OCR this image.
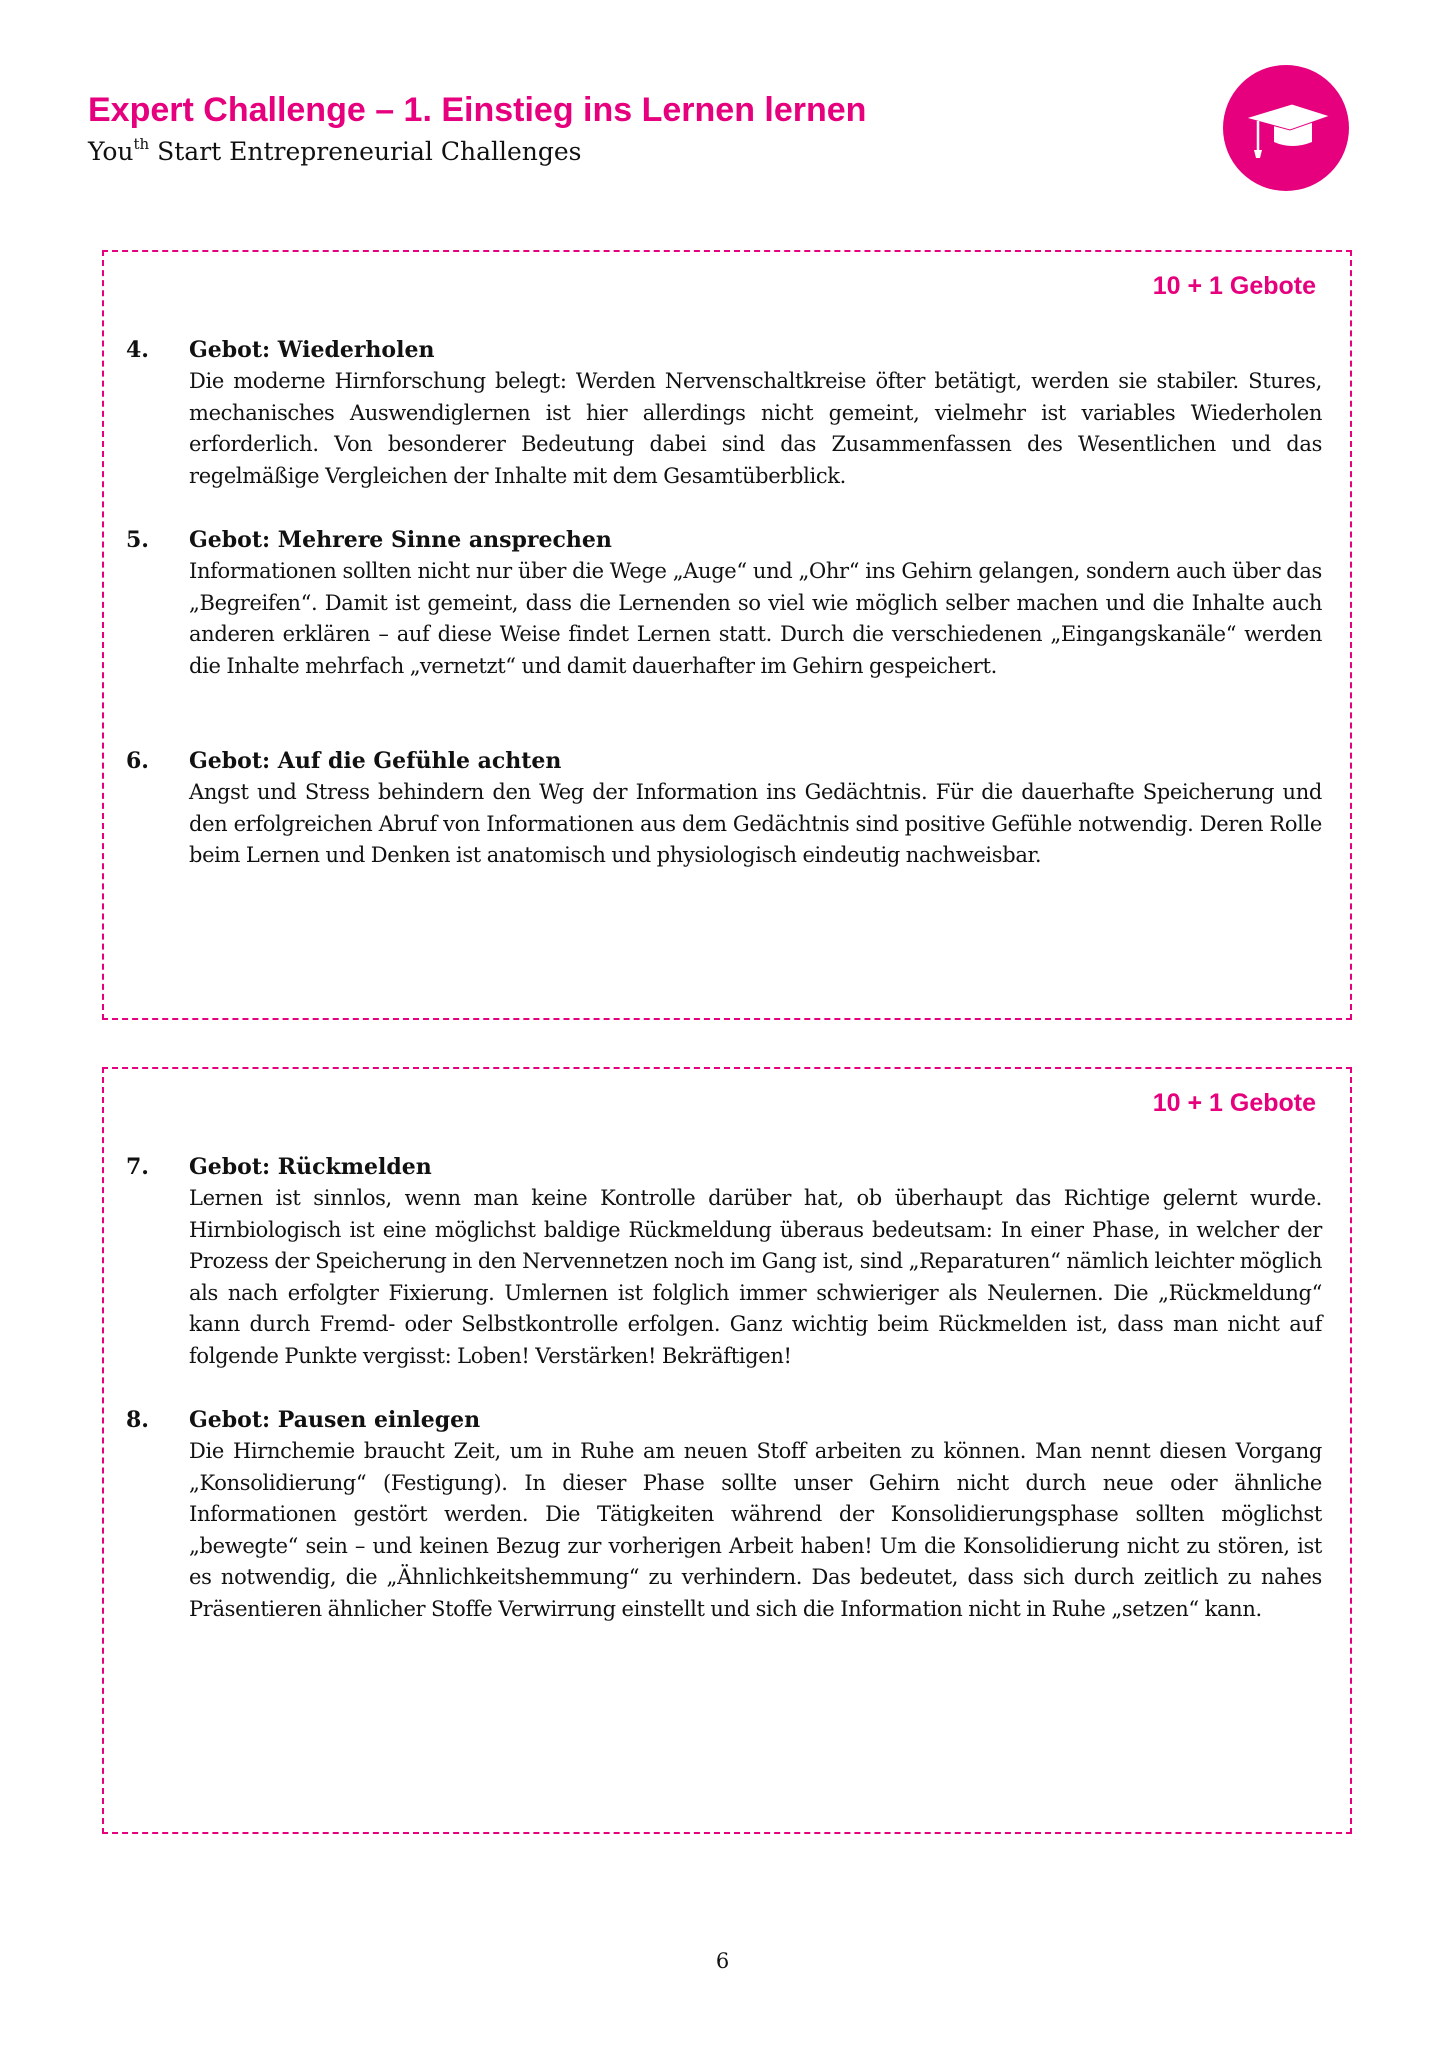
Expert Challenge – 1. Einstieg ins Lernen lernen
You$^{th}$ Start Entrepreneurial Challenges
10 + 1 Gebote
4. Gebot: Wiederholen
Die moderne Hirnforschung belegt: Werden Nervenschaltkreise öfter betätigt, werden sie stabiler. Stures, mechanisches Auswendiglernen ist hier allerdings nicht gemeint, vielmehr ist variables Wiederholen erforderlich. Von besonderer Bedeutung dabei sind das Zusammenfassen des Wesentlichen und das regelmäßige Vergleichen der Inhalte mit dem Gesamtüberblick.
5. Gebot: Mehrere Sinne ansprechen
Informationen sollten nicht nur über die Wege „Auge“ und „Ohr“ ins Gehirn gelangen, sondern auch über das „Begreifen“. Damit ist gemeint, dass die Lernenden so viel wie möglich selber machen und die Inhalte auch anderen erklären – auf diese Weise findet Lernen statt. Durch die verschiedenen „Eingangskanäle“ werden die Inhalte mehrfach „vernetzt“ und damit dauerhafter im Gehirn gespeichert.
6. Gebot: Auf die Gefühle achten
Angst und Stress behindern den Weg der Information ins Gedächtnis. Für die dauerhafte Speicherung und den erfolgreichen Abruf von Informationen aus dem Gedächtnis sind positive Gefühle notwendig. Deren Rolle beim Lernen und Denken ist anatomisch und physiologisch eindeutig nachweisbar.
10 + 1 Gebote
7. Gebot: Rückmelden
Lernen ist sinnlos, wenn man keine Kontrolle darüber hat, ob überhaupt das Richtige gelernt wurde. Hirnbiologisch ist eine möglichst baldige Rückmeldung überaus bedeutsam: In einer Phase, in welcher der Prozess der Speicherung in den Nervennetzen noch im Gang ist, sind „Reparaturen“ nämlich leichter möglich als nach erfolgter Fixierung. Umlernen ist folglich immer schwieriger als Neulernen. Die „Rückmeldung“ kann durch Fremd- oder Selbstkontrolle erfolgen. Ganz wichtig beim Rückmelden ist, dass man nicht auf folgende Punkte vergisst: Loben! Verstärken! Bekräftigen!
8. Gebot: Pausen einlegen
Die Hirnchemie braucht Zeit, um in Ruhe am neuen Stoff arbeiten zu können. Man nennt diesen Vorgang „Konsolidierung“ (Festigung). In dieser Phase sollte unser Gehirn nicht durch neue oder ähnliche Informationen gestört werden. Die Tätigkeiten während der Konsolidierungsphase sollten möglichst „bewegte“ sein – und keinen Bezug zur vorherigen Arbeit haben! Um die Konsolidierung nicht zu stören, ist es notwendig, die „Ähnlichkeitshemmung“ zu verhindern. Das bedeutet, dass sich durch zeitlich zu nahes Präsentieren ähnlicher Stoffe Verwirrung einstellt und sich die Information nicht in Ruhe „setzen“ kann.
6
